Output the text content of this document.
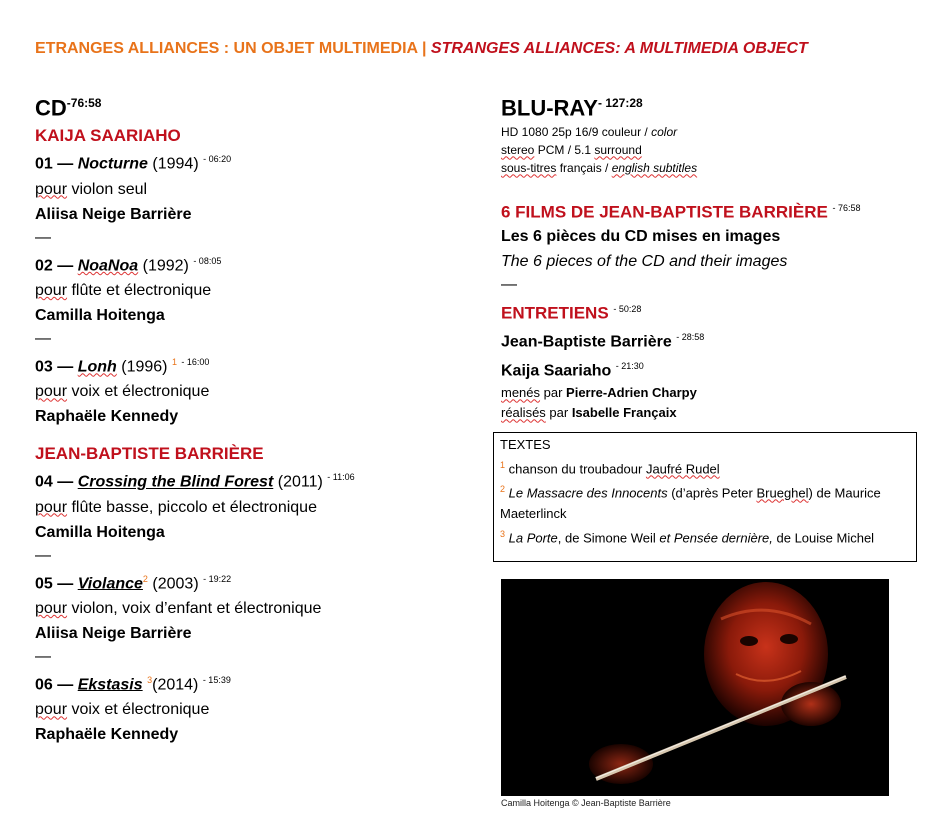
ETRANGES ALLIANCES : UN OBJET MULTIMEDIA | STRANGES ALLIANCES: A MULTIMEDIA OBJECT
$CD^{-76:58}$
KAIJA SAARIAHO
01 — Nocturne (1994) $^{- 06:20}$
pour violon seul
Aliisa Neige Barrière
—
02 — NoaNoa (1992) $^{- 08:05}$
pour flûte et électronique
Camilla Hoitenga
—
03 — Lonh (1996) $^1$ $^{- 16:00}$
pour voix et électronique
Raphaële Kennedy
JEAN-BAPTISTE BARRIÈRE
04 — Crossing the Blind Forest (2011) $^{- 11:06}$
pour flûte basse, piccolo et électronique
Camilla Hoitenga
—
05 — Violance$^2$ (2003) $^{- 19:22}$
pour violon, voix d’enfant et électronique
Aliisa Neige Barrière
—
06 — Ekstasis $^3$(2014) $^{- 15:39}$
pour voix et électronique
Raphaële Kennedy
BLU-$RAY^{- 127:28}$
HD 1080 25p 16/9 couleur / color
stereo PCM / 5.1 surround
sous-titres français / english subtitles
6 FILMS DE JEAN-BAPTISTE BARRIÈRE $^{- 76:58}$
Les 6 pièces du CD mises en images
The 6 pieces of the CD and their images
—
ENTRETIENS $^{- 50:28}$
Jean-Baptiste Barrière $^{- 28:58}$
Kaija Saariaho $^{- 21:30}$
menés par Pierre-Adrien Charpy
réalisés par Isabelle Françaix
TEXTES
$^1$ chanson du troubadour Jaufré Rudel
$^2$ Le Massacre des Innocents (d’après Peter Brueghel) de Maurice Maeterlinck
$^3$ La Porte, de Simone Weil et Pensée dernière, de Louise Michel
Camilla Hoitenga © Jean-Baptiste Barrière
